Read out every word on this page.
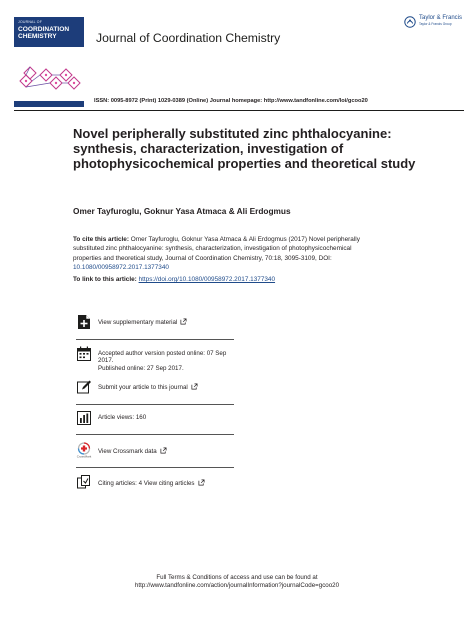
JOURNAL OF
COORDINATION CHEMISTRY	Journal of Coordination Chemistry
Taylor & Francis
Taylor & Francis Group
ISSN: 0095-8972 (Print) 1029-0389 (Online) Journal homepage: http://www.tandfonline.com/loi/gcoo20
Novel peripherally substituted zinc phthalocyanine: synthesis, characterization, investigation of photophysicochemical properties and theoretical study
Omer Tayfuroglu, Goknur Yasa Atmaca & Ali Erdogmus
To cite this article: Omer Tayfuroglu, Goknur Yasa Atmaca & Ali Erdogmus (2017) Novel peripherally substituted zinc phthalocyanine: synthesis, characterization, investigation of photophysicochemical properties and theoretical study, Journal of Coordination Chemistry, 70:18, 3095-3109, DOI: 10.1080/00958972.2017.1377340
To link to this article: https://doi.org/10.1080/00958972.2017.1377340
View supplementary material
Accepted author version posted online: 07 Sep 2017.
Published online: 27 Sep 2017.
Submit your article to this journal
Article views: 160
CrossMark
View Crossmark data
Citing articles: 4 View citing articles
Full Terms & Conditions of access and use can be found at
http://www.tandfonline.com/action/journalInformation?journalCode=gcoo20
